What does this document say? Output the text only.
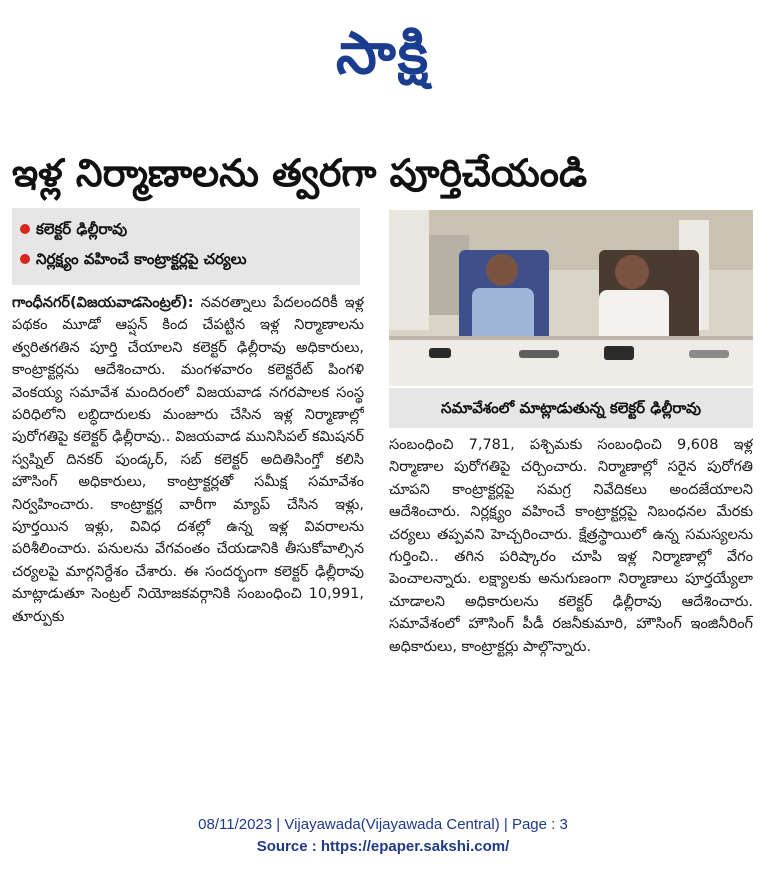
సాక్షి
ఇళ్ల నిర్మాణాలను త్వరగా పూర్తిచేయండి
కలెక్టర్ ఢిల్లీరావు
నిర్లక్ష్యం వహించే కాంట్రాక్టర్లపై చర్యలు
సమావేశంలో మాట్లాడుతున్న కలెక్టర్ ఢిల్లీరావు
గాంధీనగర్(విజయవాడసెంట్రల్): నవరత్నాలు పేదలందరికీ ఇళ్ల పథకం మూడో ఆప్షన్ కింద చేపట్టిన ఇళ్ల నిర్మాణాలను త్వరితగతిన పూర్తి చేయాలని కలెక్టర్ ఢిల్లీరావు అధికారులు, కాంట్రాక్టర్లను ఆదేశించారు. మంగళవారం కలెక్టరేట్ పింగళి వెంకయ్య సమావేశ మందిరంలో విజయవాడ నగరపాలక సంస్థ పరిధిలోని లబ్ధిదారులకు మంజూరు చేసిన ఇళ్ల నిర్మాణాల్లో పురోగతిపై కలెక్టర్ ఢిల్లీరావు.. విజయవాడ మునిసిపల్ కమిషనర్ స్వప్నిల్ దినకర్ పుండ్కర్, సబ్ కలెక్టర్ అదితిసింగ్తో కలిసి హౌసింగ్ అధికారులు, కాంట్రాక్టర్లతో సమీక్ష సమావేశం నిర్వహించారు. కాంట్రాక్టర్ల వారీగా మ్యాప్ చేసిన ఇళ్లు, పూర్తయిన ఇళ్లు, వివిధ దశల్లో ఉన్న ఇళ్ల వివరాలను పరిశీలించారు. పనులను వేగవంతం చేయడానికి తీసుకోవాల్సిన చర్యలపై మార్గనిర్దేశం చేశారు. ఈ సందర్భంగా కలెక్టర్ ఢిల్లీరావు మాట్లాడుతూ సెంట్రల్ నియోజకవర్గానికి సంబంధించి 10,991, తూర్పుకు
సంబంధించి 7,781, పశ్చిమకు సంబంధించి 9,608 ఇళ్ల నిర్మాణాల పురోగతిపై చర్చించారు. నిర్మాణాల్లో సరైన పురోగతి చూపని కాంట్రాక్టర్లపై సమగ్ర నివేదికలు అందజేయాలని ఆదేశించారు. నిర్లక్ష్యం వహించే కాంట్రాక్టర్లపై నిబంధనల మేరకు చర్యలు తప్పవని హెచ్చరించారు. క్షేత్రస్థాయిలో ఉన్న సమస్యలను గుర్తించి.. తగిన పరిష్కారం చూపి ఇళ్ల నిర్మాణాల్లో వేగం పెంచాలన్నారు. లక్ష్యాలకు అనుగుణంగా నిర్మాణాలు పూర్తయ్యేలా చూడాలని అధికారులను కలెక్టర్ ఢిల్లీరావు ఆదేశించారు. సమావేశంలో హౌసింగ్ పీడీ రజనీకుమారి, హౌసింగ్ ఇంజినీరింగ్ అధికారులు, కాంట్రాక్టర్లు పాల్గొన్నారు.
08/11/2023 | Vijayawada(Vijayawada Central) | Page : 3
Source : https://epaper.sakshi.com/
